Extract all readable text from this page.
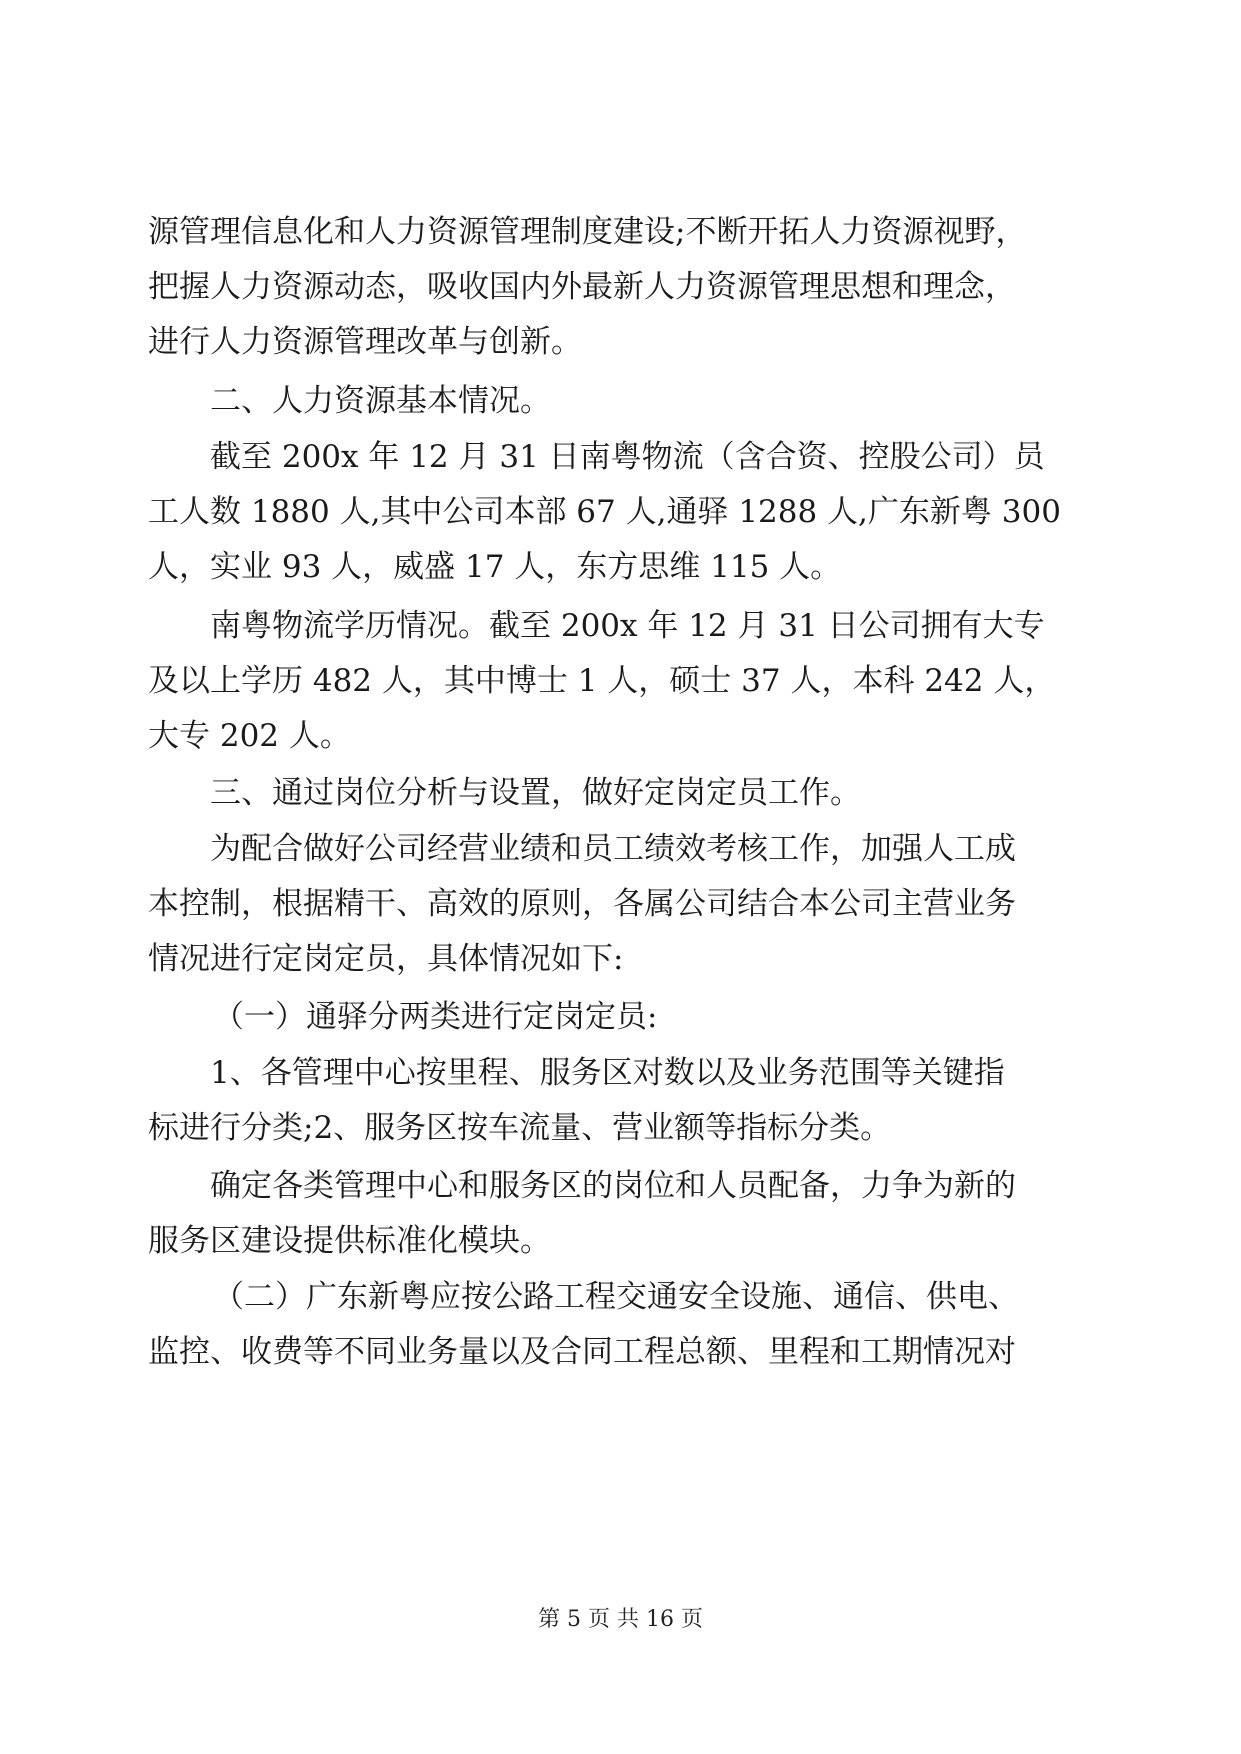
源管理信息化和人力资源管理制度建设;不断开拓人力资源视野，
把握人力资源动态，吸收国内外最新人力资源管理思想和理念，
进行人力资源管理改革与创新。
二、人力资源基本情况。
截至 200x 年 12 月 31 日南粤物流（含合资、控股公司）员
工人数 1880 人,其中公司本部 67 人,通驿 1288 人,广东新粤 300
人，实业 93 人，威盛 17 人，东方思维 115 人。
南粤物流学历情况。截至 200x 年 12 月 31 日公司拥有大专
及以上学历 482 人，其中博士 1 人，硕士 37 人，本科 242 人，
大专 202 人。
三、通过岗位分析与设置，做好定岗定员工作。
为配合做好公司经营业绩和员工绩效考核工作，加强人工成
本控制，根据精干、高效的原则，各属公司结合本公司主营业务
情况进行定岗定员，具体情况如下:
（一）通驿分两类进行定岗定员:
1、各管理中心按里程、服务区对数以及业务范围等关键指
标进行分类;2、服务区按车流量、营业额等指标分类。
确定各类管理中心和服务区的岗位和人员配备，力争为新的
服务区建设提供标准化模块。
（二）广东新粤应按公路工程交通安全设施、通信、供电、
监控、收费等不同业务量以及合同工程总额、里程和工期情况对
第 5 页 共 16 页
